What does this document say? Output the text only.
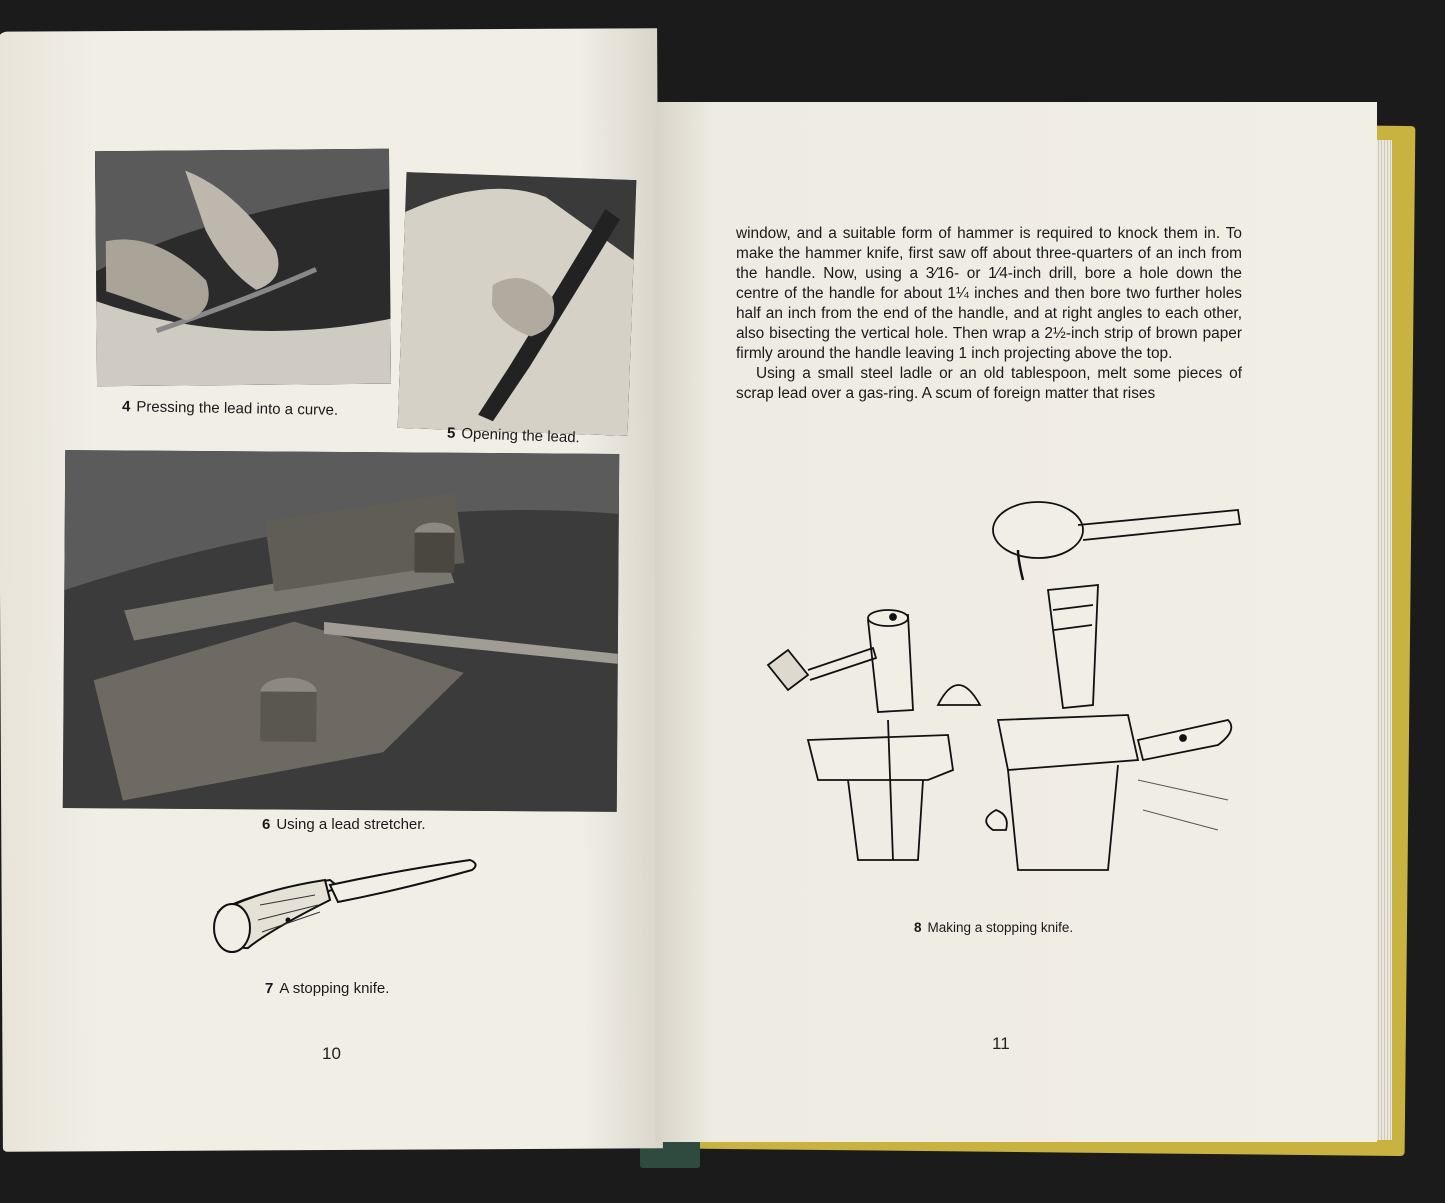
4 Pressing the lead into a curve.
5 Opening the lead.
6 Using a lead stretcher.
7 A stopping knife.
10

window, and a suitable form of hammer is required to knock them in. To make the hammer knife, first saw off about three-quarters of an inch from the handle. Now, using a 3⁄16- or 1⁄4-inch drill, bore a hole down the centre of the handle for about 1¼ inches and then bore two further holes half an inch from the end of the handle, and at right angles to each other, also bisecting the vertical hole. Then wrap a 2½-inch strip of brown paper firmly around the handle leaving 1 inch projecting above the top.

Using a small steel ladle or an old tablespoon, melt some pieces of scrap lead over a gas-ring. A scum of foreign matter that rises

8 Making a stopping knife.
11
